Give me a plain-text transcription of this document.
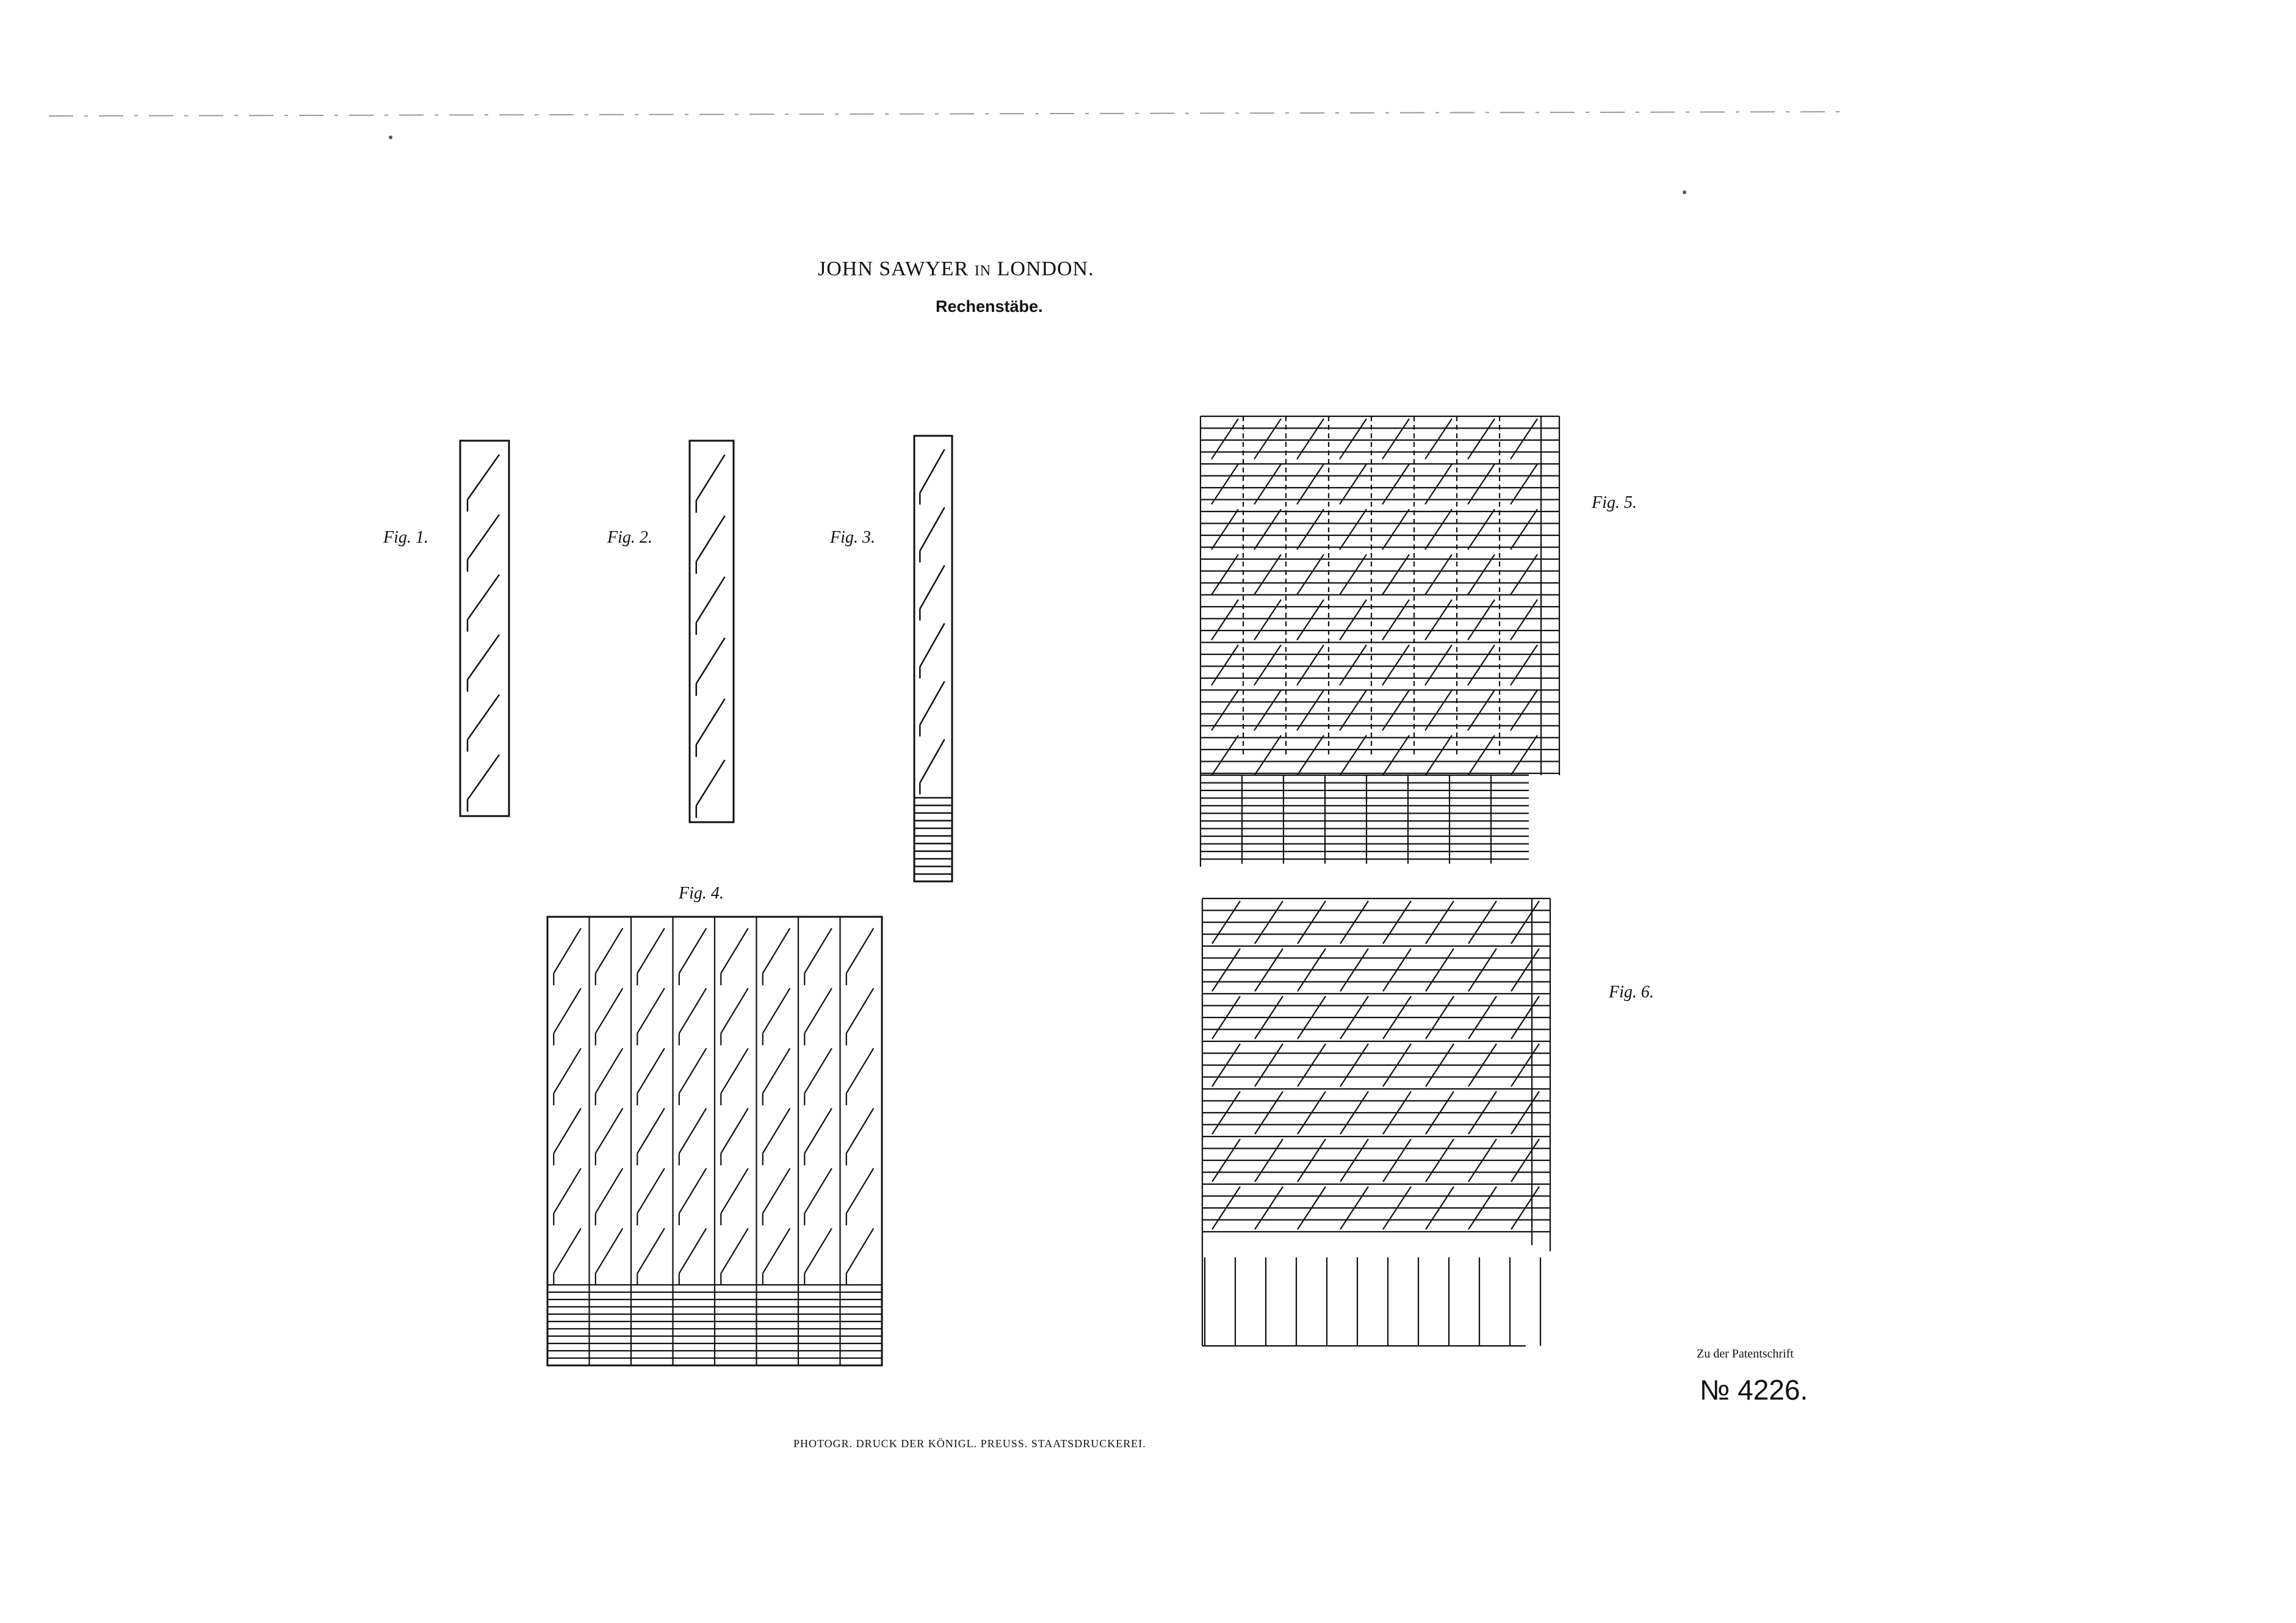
JOHN SAWYER IN LONDON.
Rechenstäbe.
Fig. 1.	Fig. 2.	Fig. 3.
Fig. 4.
Fig. 5.
Fig. 6.
Zu der Patentschrift
№ 4226.
PHOTOGR. DRUCK DER KÖNIGL. PREUSS. STAATSDRUCKEREI.
